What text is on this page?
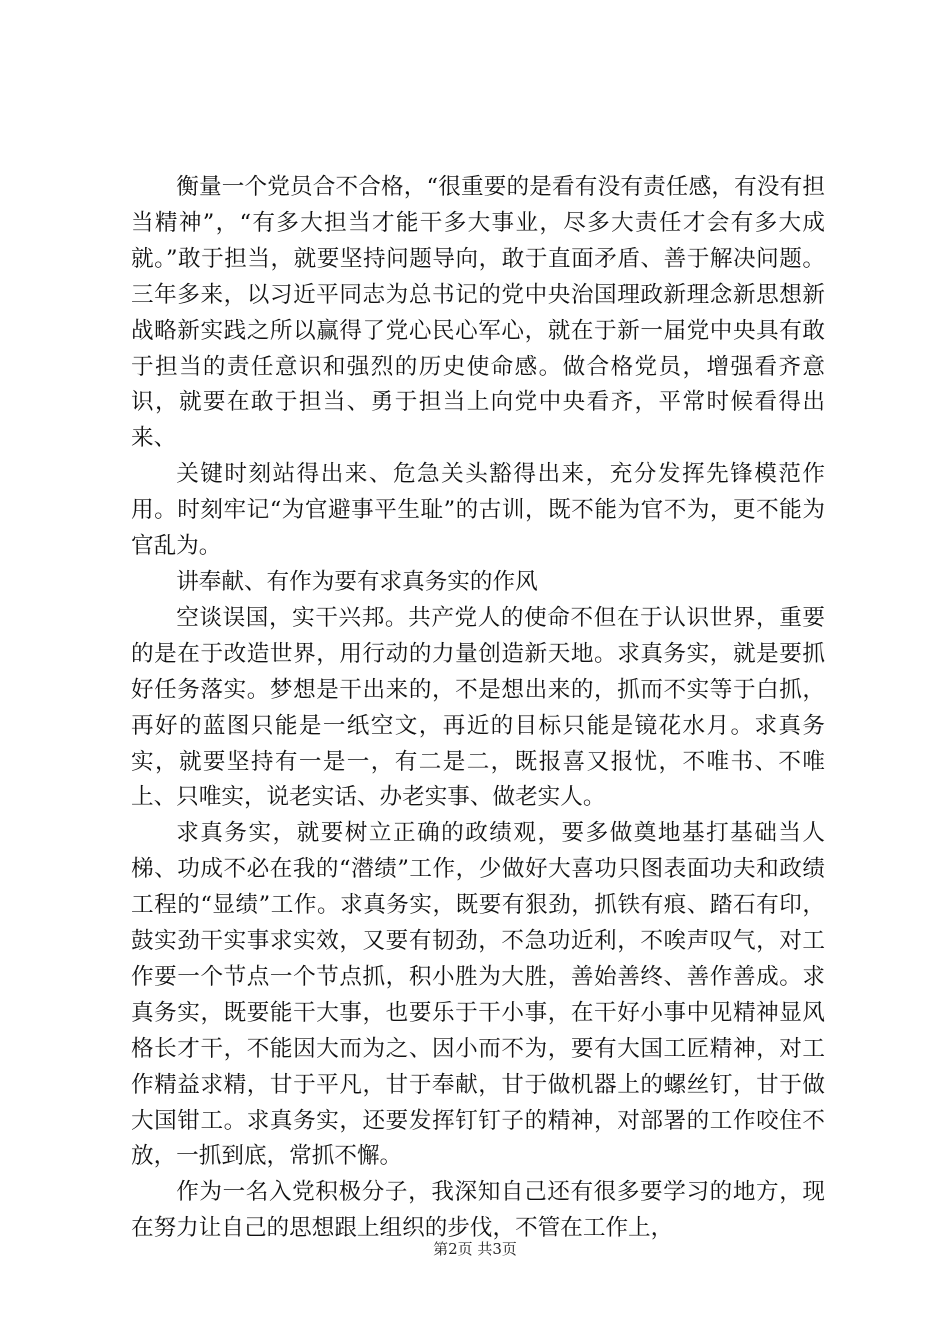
衡量一个党员合不合格，“很重要的是看有没有责任感，有没有担当精神”，“有多大担当才能干多大事业，尽多大责任才会有多大成就。”敢于担当，就要坚持问题导向，敢于直面矛盾、善于解决问题。三年多来，以习近平同志为总书记的党中央治国理政新理念新思想新战略新实践之所以赢得了党心民心军心，就在于新一届党中央具有敢于担当的责任意识和强烈的历史使命感。做合格党员，增强看齐意识，就要在敢于担当、勇于担当上向党中央看齐，平常时候看得出来、

关键时刻站得出来、危急关头豁得出来，充分发挥先锋模范作用。时刻牢记“为官避事平生耻”的古训，既不能为官不为，更不能为官乱为。

讲奉献、有作为要有求真务实的作风

空谈误国，实干兴邦。共产党人的使命不但在于认识世界，重要的是在于改造世界，用行动的力量创造新天地。求真务实，就是要抓好任务落实。梦想是干出来的，不是想出来的，抓而不实等于白抓，再好的蓝图只能是一纸空文，再近的目标只能是镜花水月。求真务实，就要坚持有一是一，有二是二，既报喜又报忧，不唯书、不唯上、只唯实，说老实话、办老实事、做老实人。

求真务实，就要树立正确的政绩观，要多做奠地基打基础当人梯、功成不必在我的“潜绩”工作，少做好大喜功只图表面功夫和政绩工程的“显绩”工作。求真务实，既要有狠劲，抓铁有痕、踏石有印，鼓实劲干实事求实效，又要有韧劲，不急功近利，不唉声叹气，对工作要一个节点一个节点抓，积小胜为大胜，善始善终、善作善成。求真务实，既要能干大事，也要乐于干小事，在干好小事中见精神显风格长才干，不能因大而为之、因小而不为，要有大国工匠精神，对工作精益求精，甘于平凡，甘于奉献，甘于做机器上的螺丝钉，甘于做大国钳工。求真务实，还要发挥钉钉子的精神，对部署的工作咬住不放，一抓到底，常抓不懈。

作为一名入党积极分子，我深知自己还有很多要学习的地方，现在努力让自己的思想跟上组织的步伐，不管在工作上，

第2页 共3页
